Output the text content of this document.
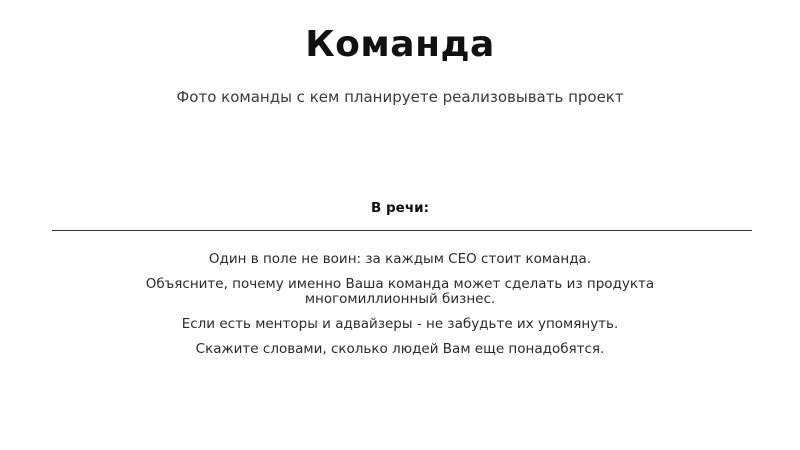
Команда
Фото команды с кем планируете реализовывать проект
В речи:
Один в поле не воин: за каждым CEO стоит команда.
Объясните, почему именно Ваша команда может сделать из продукта многомиллионный бизнес.
Если есть менторы и адвайзеры - не забудьте их упомянуть.
Скажите словами, сколько людей Вам еще понадобятся.
